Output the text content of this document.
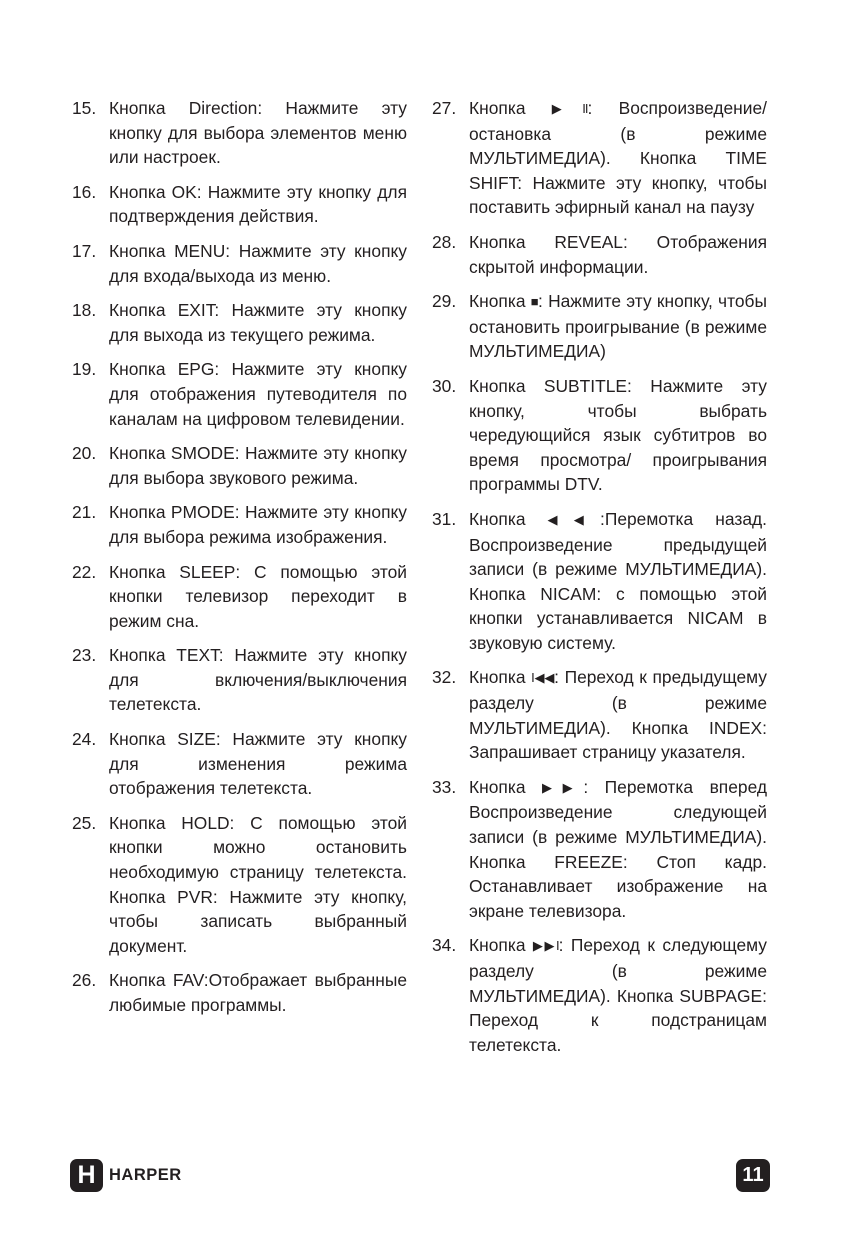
15. Кнопка Direction: Нажмите эту кнопку для выбора элементов меню или настроек.
16. Кнопка OK: Нажмите эту кнопку для подтверждения действия.
17. Кнопка MENU: Нажмите эту кнопку для входа/выхода из меню.
18. Кнопка EXIT: Нажмите эту кнопку для выхода из текущего режима.
19. Кнопка EPG: Нажмите эту кнопку для отображения путеводителя по каналам на цифровом телевидении.
20. Кнопка SMODE: Нажмите эту кнопку для выбора звукового режима.
21. Кнопка PMODE: Нажмите эту кнопку для выбора режима изображения.
22. Кнопка SLEEP: С помощью этой кнопки телевизор переходит в режим сна.
23. Кнопка TEXT: Нажмите эту кнопку для включения/выключения телетекста.
24. Кнопка SIZE: Нажмите эту кнопку для изменения режима отображения телетекста.
25. Кнопка HOLD: С помощью этой кнопки можно остановить необходимую страницу телетекста. Кнопка PVR: Нажмите эту кнопку, чтобы записать выбранный документ.
26. Кнопка FAV:Отображает выбранные любимые программы.
27. Кнопка ▶II: Воспроизведение/ остановка (в режиме МУЛЬТИМЕДИА). Кнопка TIME SHIFT: Нажмите эту кнопку, чтобы поставить эфирный канал на паузу
28. Кнопка REVEAL: Отображения скрытой информации.
29. Кнопка ■: Нажмите эту кнопку, чтобы остановить проигрывание (в режиме МУЛЬТИМЕДИА)
30. Кнопка SUBTITLE: Нажмите эту кнопку, чтобы выбрать чередующийся язык субтитров во время просмотра/ проигрывания программы DTV.
31. Кнопка ◀◀:Перемотка назад. Воспроизведение предыдущей записи (в режиме МУЛЬТИМЕДИА). Кнопка NICAM: с помощью этой кнопки устанавливается NICAM в звуковую систему.
32. Кнопка I◀◀: Переход к предыдущему разделу (в режиме МУЛЬТИМЕДИА). Кнопка INDEX: Запрашивает страницу указателя.
33. Кнопка ▶▶: Перемотка вперед Воспроизведение следующей записи (в режиме МУЛЬТИМЕДИА). Кнопка FREEZE: Стоп кадр. Останавливает изображение на экране телевизора.
34. Кнопка ▶▶I: Переход к следующему разделу (в режиме МУЛЬТИМЕДИА). Кнопка SUBPAGE: Переход к подстраницам телетекста.
H HARPER	11
